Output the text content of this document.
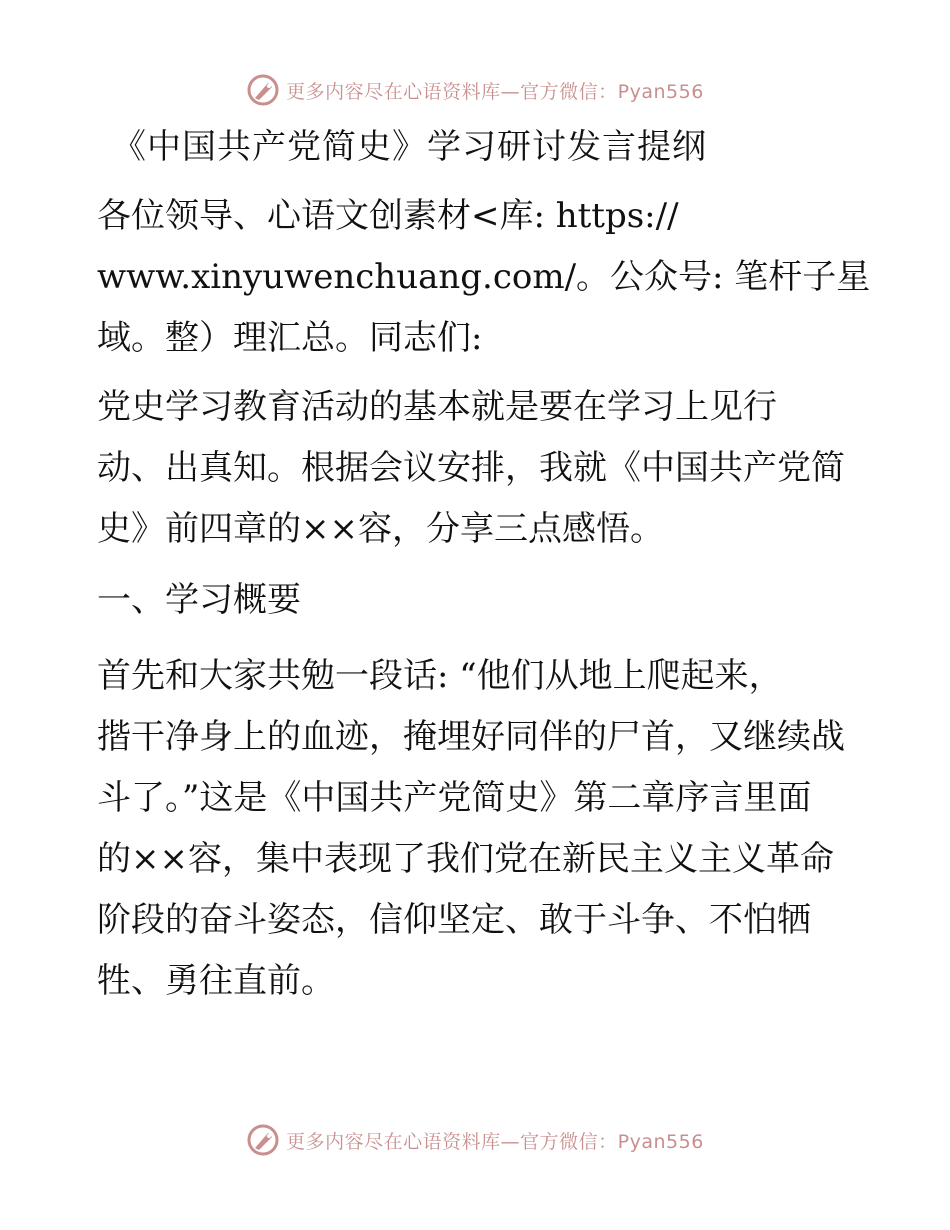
更多内容尽在心语资料库—官方微信：Pyan556
《中国共产党简史》学习研讨发言提纲
各位领导、心语文创素材<库: https://
www.xinyuwenchuang.com/。公众号: 笔杆子星
域。整）理汇总。同志们:
党史学习教育活动的基本就是要在学习上见行
动、出真知。根据会议安排，我就《中国共产党简
史》前四章的××容，分享三点感悟。
一、学习概要
首先和大家共勉一段话: “他们从地上爬起来，
揩干净身上的血迹，掩埋好同伴的尸首，又继续战
斗了。”这是《中国共产党简史》第二章序言里面
的××容，集中表现了我们党在新民主义主义革命
阶段的奋斗姿态，信仰坚定、敢于斗争、不怕牺
牲、勇往直前。
更多内容尽在心语资料库—官方微信：Pyan556
